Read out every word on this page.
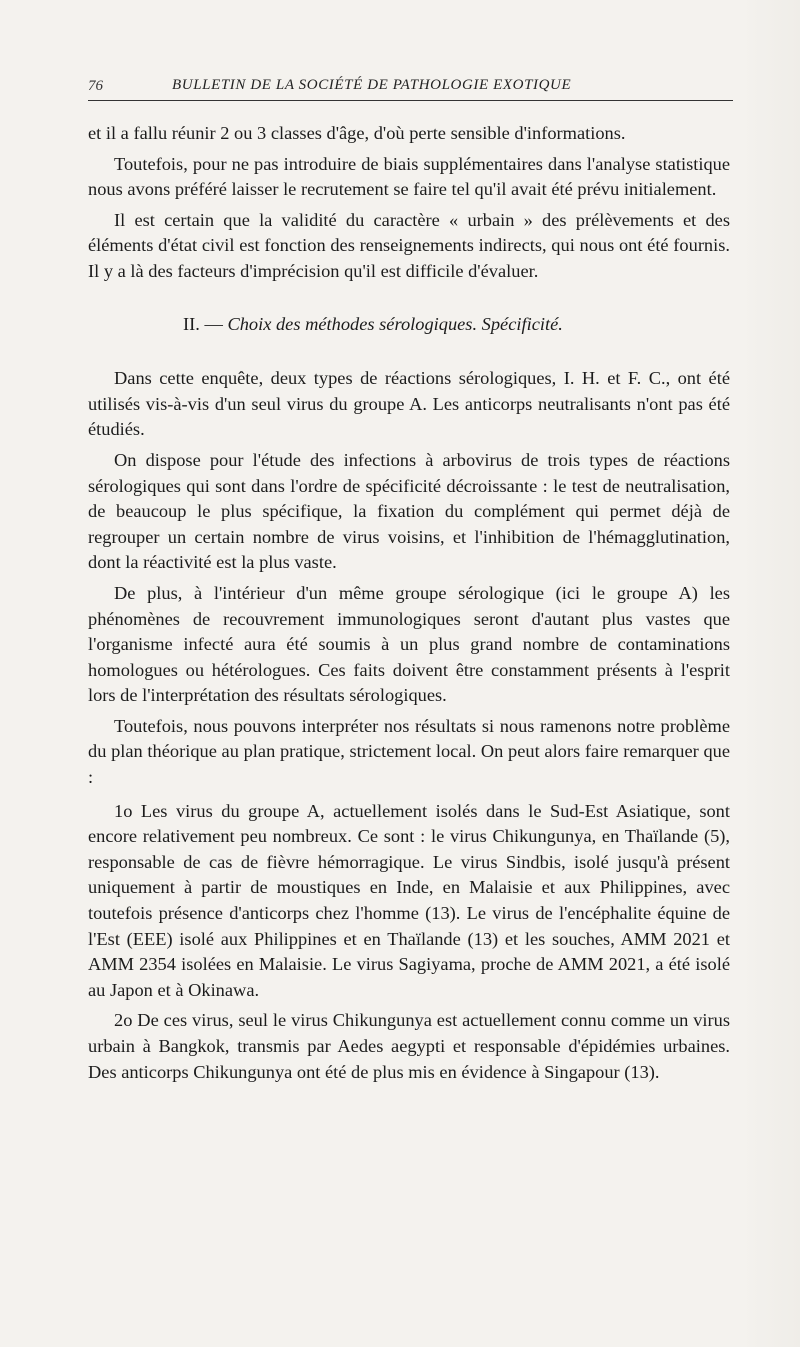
76	BULLETIN DE LA SOCIÉTÉ DE PATHOLOGIE EXOTIQUE

et il a fallu réunir 2 ou 3 classes d'âge, d'où perte sensible d'informations.

Toutefois, pour ne pas introduire de biais supplémentaires dans l'analyse statistique nous avons préféré laisser le recrutement se faire tel qu'il avait été prévu initialement.

Il est certain que la validité du caractère « urbain » des prélèvements et des éléments d'état civil est fonction des renseignements indirects, qui nous ont été fournis. Il y a là des facteurs d'imprécision qu'il est difficile d'évaluer.

II. — Choix des méthodes sérologiques. Spécificité.

Dans cette enquête, deux types de réactions sérologiques, I. H. et F. C., ont été utilisés vis-à-vis d'un seul virus du groupe A. Les anticorps neutralisants n'ont pas été étudiés.

On dispose pour l'étude des infections à arbovirus de trois types de réactions sérologiques qui sont dans l'ordre de spécificité décroissante : le test de neutralisation, de beaucoup le plus spécifique, la fixation du complément qui permet déjà de regrouper un certain nombre de virus voisins, et l'inhibition de l'hémagglutination, dont la réactivité est la plus vaste.

De plus, à l'intérieur d'un même groupe sérologique (ici le groupe A) les phénomènes de recouvrement immunologiques seront d'autant plus vastes que l'organisme infecté aura été soumis à un plus grand nombre de contaminations homologues ou hétérologues. Ces faits doivent être constamment présents à l'esprit lors de l'interprétation des résultats sérologiques.

Toutefois, nous pouvons interpréter nos résultats si nous ramenons notre problème du plan théorique au plan pratique, strictement local. On peut alors faire remarquer que :

1o Les virus du groupe A, actuellement isolés dans le Sud-Est Asiatique, sont encore relativement peu nombreux. Ce sont : le virus Chikungunya, en Thaïlande (5), responsable de cas de fièvre hémorragique. Le virus Sindbis, isolé jusqu'à présent uniquement à partir de moustiques en Inde, en Malaisie et aux Philippines, avec toutefois présence d'anticorps chez l'homme (13). Le virus de l'encéphalite équine de l'Est (EEE) isolé aux Philippines et en Thaïlande (13) et les souches, AMM 2021 et AMM 2354 isolées en Malaisie. Le virus Sagiyama, proche de AMM 2021, a été isolé au Japon et à Okinawa.

2o De ces virus, seul le virus Chikungunya est actuellement connu comme un virus urbain à Bangkok, transmis par Aedes aegypti et responsable d'épidémies urbaines. Des anticorps Chikungunya ont été de plus mis en évidence à Singapour (13).
